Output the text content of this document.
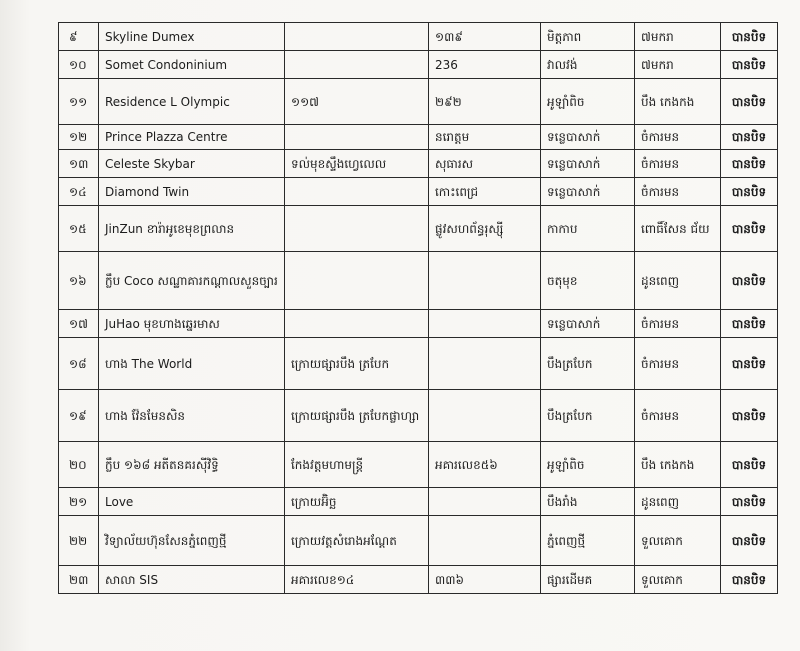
៩	Skyline Dumex		១៣៩	មិត្តភាព	៧មករា	បានបិទ
១០	Somet Condoninium		236	វាលវង់	៧មករា	បានបិទ
១១	Residence L Olympic	១១៧	២៩២	អូឡាំពិច	បឹង កេងកង	បានបិទ
១២	Prince Plazza Centre		នរោត្តម	ទន្លេបាសាក់	ចំការមន	បានបិទ
១៣	Celeste Skybar	ទល់មុខស្ទឹងហ្វេលេល	សុធារស	ទន្លេបាសាក់	ចំការមន	បានបិទ
១៤	Diamond Twin		កោះពេជ្រ	ទន្លេបាសាក់	ចំការមន	បានបិទ
១៥	JinZun ខារ៉ាអូខេមុខព្រលាន		ផ្លូវសហព័ន្ធរុស្ស៊ី	កាកាប	ពោធិ៍សែន ជ័យ	បានបិទ
១៦	ក្លឹប Coco សណ្ឋាគារកណ្តាលសួនច្បារ			ចតុមុខ	ដូនពេញ	បានបិទ
១៧	JuHao មុខហាងឆ្នេរមាស			ទន្លេបាសាក់	ចំការមន	បានបិទ
១៨	ហាង The World	ក្រោយផ្សារបឹង ត្របែក		បឹងត្របែក	ចំការមន	បានបិទ
១៩	ហាង វ៉ែនមែនសិន	ក្រោយផ្សារបឹង ត្របែកផ្លាហ្សា		បឹងត្របែក	ចំការមន	បានបិទ
២០	ក្លឹប ១៦៨ អតីតនគរស៊ីវិទ្ធិ	កែងវត្តមហាមន្ត្រី	អគារលេខ៥៦	អូឡាំពិច	បឹង កេងកង	បានបិទ
២១	Love	ក្រោយអ៊ិច្ឆ		បឹងរាំង	ដូនពេញ	បានបិទ
២២	វិទ្យាល័យហ៊ុនសែនភ្នំពេញថ្មី	ក្រោយវត្តសំរោងអណ្តែត		ភ្នំពេញថ្មី	ទួលគោក	បានបិទ
២៣	សាលា SIS	អគារលេខ១៤	៣៣៦	ផ្សារដើមគ	ទួលគោក	បានបិទ
